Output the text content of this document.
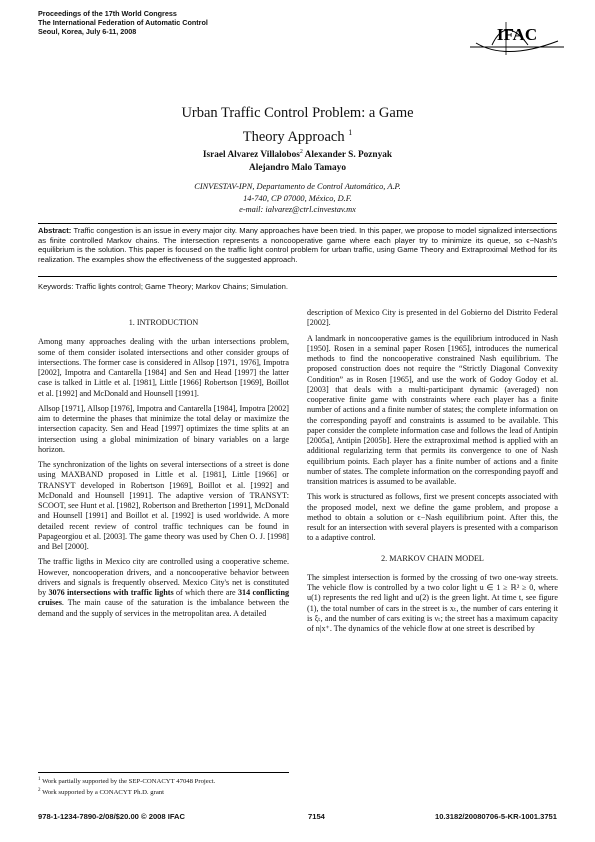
Proceedings of the 17th World Congress
The International Federation of Automatic Control
Seoul, Korea, July 6-11, 2008	IFAC
Urban Traffic Control Problem: a Game
Theory Approach $^1$
Israel Alvarez Villalobos$^2$ Alexander S. Poznyak
Alejandro Malo Tamayo
CINVESTAV-IPN, Departamento de Control Automático, A.P.
14-740, CP 07000, México, D.F.
e-mail: ialvarez@ctrl.cinvestav.mx
Abstract: Traffic congestion is an issue in every major city. Many approaches have been tried. In this paper, we propose to model signalized intersections as finite controlled Markov chains. The intersection represents a noncooperative game where each player try to minimize its queue, so ϵ−Nash's equilibrium is the solution. This paper is focused on the traffic light control problem for urban traffic, using Game Theory and Extraproximal Method for its realization. The examples show the effectiveness of the suggested approach.
Keywords: Traffic lights control; Game Theory; Markov Chains; Simulation.

1. INTRODUCTION

Among many approaches dealing with the urban intersections problem, some of them consider isolated intersections and other consider groups of intersections. The former case is considered in Allsop [1971, 1976], Impotra [2002], Impotra and Cantarella [1984] and Sen and Head [1997] the latter case is talked in Little et al. [1981], Little [1966] Robertson [1969], Boillot et al. [1992] and McDonald and Hounsell [1991].

Allsop [1971], Allsop [1976], Impotra and Cantarella [1984], Impotra [2002] aim to determine the phases that minimize the total delay or maximize the intersection capacity. Sen and Head [1997] optimizes the time splits at an intersection using a global minimization of binary variables on a large horizon.

The synchronization of the lights on several intersections of a street is done using MAXBAND proposed in Little et al. [1981], Little [1966] or TRANSYT developed in Robertson [1969], Boillot et al. [1992] and McDonald and Hounsell [1991]. The adaptive version of TRANSYT: SCOOT, see Hunt et al. [1982], Robertson and Bretherton [1991], McDonald and Hounsell [1991] and Boillot et al. [1992] is used worldwide. A more detailed recent review of control traffic techniques can be found in Papageorgiou et al. [2003]. The game theory was used by Chen O. J. [1998] and Bel [2000].

The traffic ligths in Mexico city are controlled using a cooperative scheme. However, noncooperation drivers, and a noncooperative behavior between drivers and signals is frequently observed. Mexico City's net is constituted by 3076 intersections with traffic lights of which there are 314 conflicting cruises. The main cause of the saturation is the imbalance between the demand and the supply of services in the metropolitan area. A detailed

$^1$ Work partially supported by the SEP-CONACYT 47048 Project.
$^2$ Work supported by a CONACYT Ph.D. grant

description of Mexico City is presented in del Gobierno del Distrito Federal [2002].

A landmark in noncooperative games is the equilibrium introduced in Nash [1950]. Rosen in a seminal paper Rosen [1965], introduces the numerical methods to find the noncooperative constrained Nash equilibrium. The proposed construction does not require the “Strictly Diagonal Convexity Condition” as in Rosen [1965], and use the work of Godoy Godoy et al. [2003] that deals with a multi-participant dynamic (averaged) non cooperative finite game with constraints where each player has a finite number of actions and a finite number of states; the complete information on the corresponding payoff and constraints is assumed to be available. This paper consider the complete information case and follows the lead of Antipin [2005a], Antipin [2005b]. Here the extraproximal method is applied with an additional regularizing term that permits its convergence to one of Nash equilibrium points. Each player has a finite number of actions and a finite number of states. The complete information on the corresponding payoff and transition matrices is assumed to be available.

This work is structured as follows, first we present concepts associated with the proposed model, next we define the game problem, and propose a method to obtain a solution or ϵ−Nash equilibrium point. After this, the result for an intersection with several players is presented with a comparison to a adaptive control.

2. MARKOV CHAIN MODEL

The simplest intersection is formed by the crossing of two one-way streets. The vehicle flow is controlled by a two color light u ∈ 1 ≥ ℝ² ≥ 0, where u(1) represents the red light and u(2) is the green light. At time t, see figure (1), the total number of cars in the street is xₜ, the number of cars entering it is ξₜ, and the number of cars exiting is νₜ; the street has a maximum capacity of n|x⁺. The dynamics of the vehicle flow at one street is described by

978-1-1234-7890-2/08/$20.00 © 2008 IFAC	7154	10.3182/20080706-5-KR-1001.3751
